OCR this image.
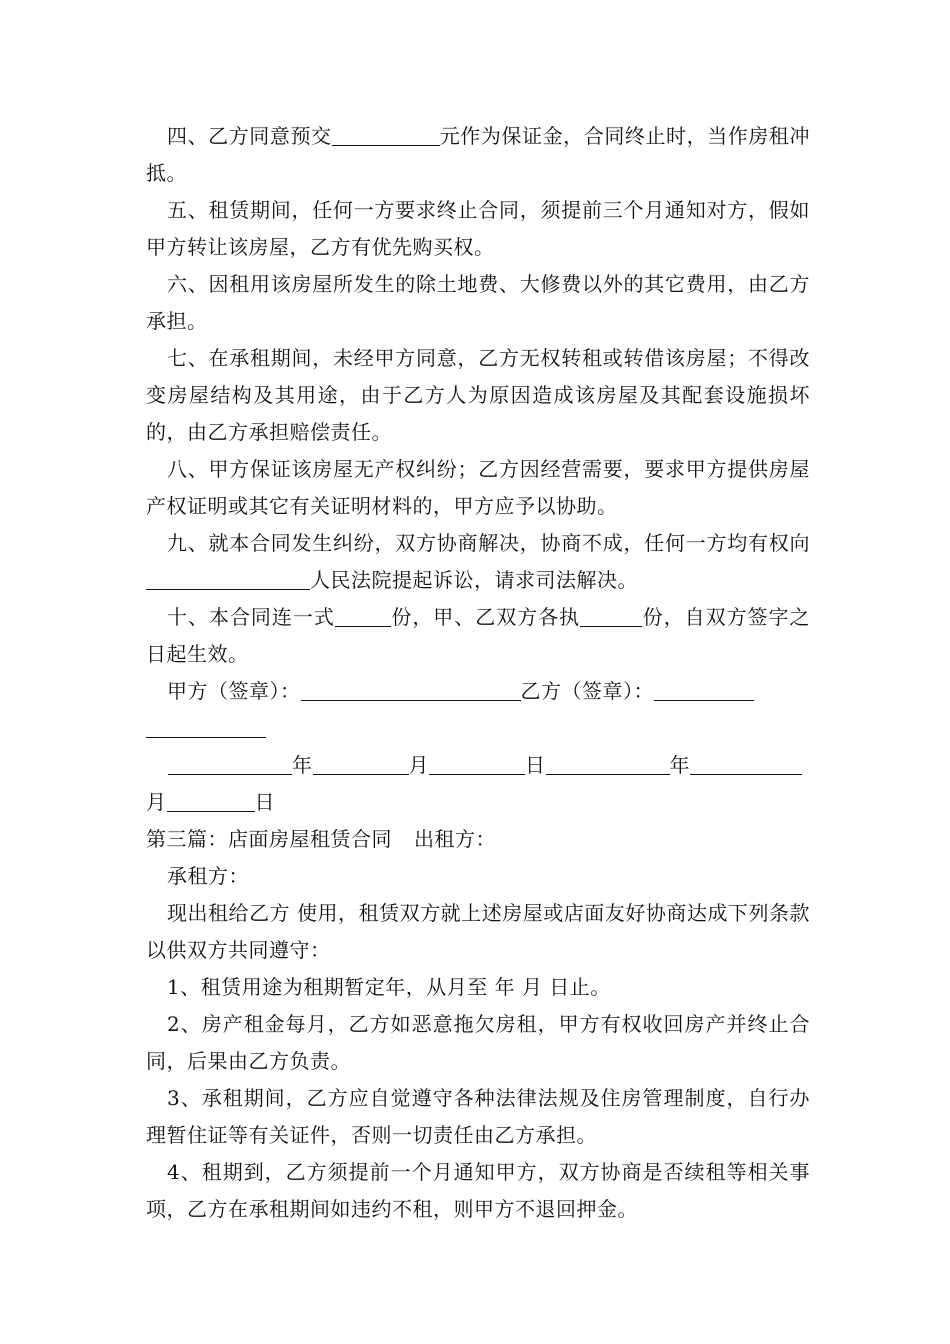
四、乙方同意预交	元作为保证金，合同终止时，当作房租冲抵。

五、租赁期间，任何一方要求终止合同，须提前三个月通知对方，假如甲方转让该房屋，乙方有优先购买权。

六、因租用该房屋所发生的除土地费、大修费以外的其它费用，由乙方承担。

七、在承租期间，未经甲方同意，乙方无权转租或转借该房屋；不得改变房屋结构及其用途，由于乙方人为原因造成该房屋及其配套设施损坏的，由乙方承担赔偿责任。

八、甲方保证该房屋无产权纠纷；乙方因经营需要，要求甲方提供房屋产权证明或其它有关证明材料的，甲方应予以协助。

九、就本合同发生纠纷，双方协商解决，协商不成，任何一方均有权向人民法院提起诉讼，请求司法解决。

十、本合同连一式	份，甲、乙双方各执	份，自双方签字之日起生效。

甲方（签章）：	乙方（签章）：

年	月	日	年
月	日

第三篇：店面房屋租赁合同 出租方：

承租方：

现出租给乙方 使用，租赁双方就上述房屋或店面友好协商达成下列条款以供双方共同遵守：

1、租赁用途为租期暂定年，从月至 年 月 日止。

2、房产租金每月，乙方如恶意拖欠房租，甲方有权收回房产并终止合同，后果由乙方负责。

3、承租期间，乙方应自觉遵守各种法律法规及住房管理制度，自行办理暂住证等有关证件，否则一切责任由乙方承担。

4、租期到，乙方须提前一个月通知甲方，双方协商是否续租等相关事项，乙方在承租期间如违约不租，则甲方不退回押金。
